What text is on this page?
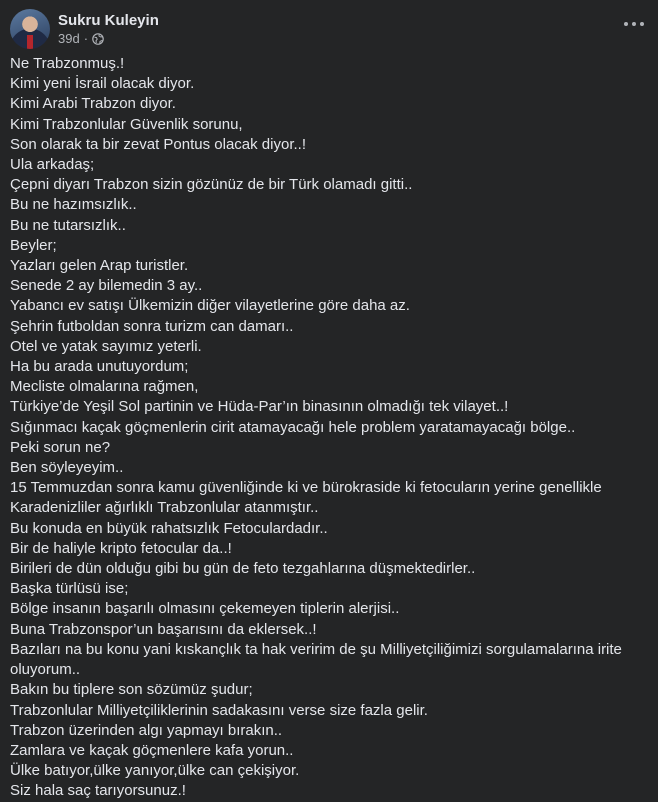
Sukru Kuleyin
39d ·
Ne Trabzonmuş.!
Kimi yeni İsrail olacak diyor.
Kimi Arabi Trabzon diyor.
Kimi Trabzonlular Güvenlik sorunu,
Son olarak ta bir zevat Pontus olacak diyor..!
Ula arkadaş;
Çepni diyarı Trabzon sizin gözünüz de bir Türk olamadı gitti..
Bu ne hazımsızlık..
Bu ne tutarsızlık..
Beyler;
Yazları gelen Arap turistler.
Senede 2 ay bilemedin 3 ay..
Yabancı ev satışı Ülkemizin diğer vilayetlerine göre daha az.
Şehrin futboldan sonra turizm can damarı..
Otel ve yatak sayımız yeterli.
Ha bu arada unutuyordum;
Mecliste olmalarına rağmen,
Türkiye’de Yeşil Sol partinin ve Hüda-Par’ın binasının olmadığı tek vilayet..!
Sığınmacı kaçak göçmenlerin cirit atamayacağı hele problem yaratamayacağı bölge..
Peki sorun ne?
Ben söyleyeyim..
15 Temmuzdan sonra kamu güvenliğinde ki ve bürokraside ki fetocuların yerine genellikle
Karadenizliler ağırlıklı Trabzonlular atanmıştır..
Bu konuda en büyük rahatsızlık Fetoculardadır..
Bir de haliyle kripto fetocular da..!
Birileri de dün olduğu gibi bu gün de feto tezgahlarına düşmektedirler..
Başka türlüsü ise;
Bölge insanın başarılı olmasını çekemeyen tiplerin alerjisi..
Buna Trabzonspor’un başarısını da eklersek..!
Bazıları na bu konu yani kıskançlık ta hak veririm de şu Milliyetçiliğimizi sorgulamalarına irite
oluyorum..
Bakın bu tiplere son sözümüz şudur;
Trabzonlular Milliyetçiliklerinin sadakasını verse size fazla gelir.
Trabzon üzerinden algı yapmayı bırakın..
Zamlara ve kaçak göçmenlere kafa yorun..
Ülke batıyor,ülke yanıyor,ülke can çekişiyor.
Siz hala saç tarıyorsunuz.!
